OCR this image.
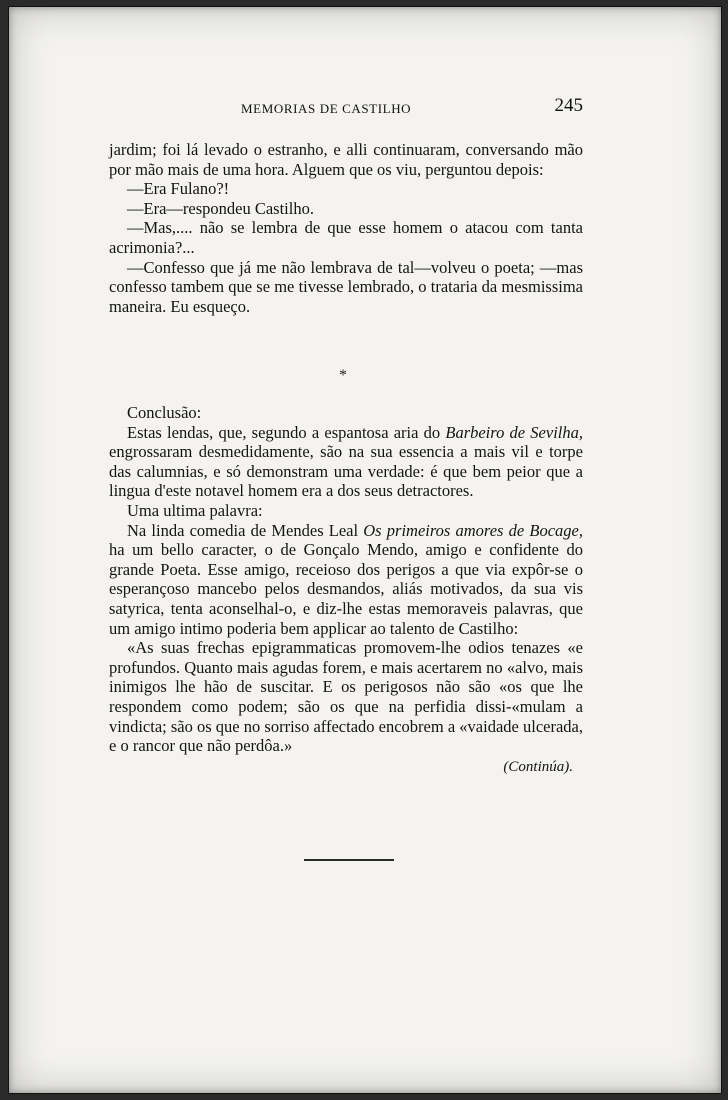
MEMORIAS DE CASTILHO	245

jardim; foi lá levado o estranho, e alli continuaram, conversando mão por mão mais de uma hora. Alguem que os viu, perguntou depois:

—Era Fulano?!

—Era—respondeu Castilho.

—Mas,.... não se lembra de que esse homem o atacou com tanta acrimonia?...

—Confesso que já me não lembrava de tal—volveu o poeta; —mas confesso tambem que se me tivesse lembrado, o trataria da mesmissima maneira. Eu esqueço.

*

Conclusão:

Estas lendas, que, segundo a espantosa aria do Barbeiro de Sevilha, engrossaram desmedidamente, são na sua essencia a mais vil e torpe das calumnias, e só demonstram uma verdade: é que bem peior que a lingua d'este notavel homem era a dos seus detractores.

Uma ultima palavra:

Na linda comedia de Mendes Leal Os primeiros amores de Bocage, ha um bello caracter, o de Gonçalo Mendo, amigo e confidente do grande Poeta. Esse amigo, receioso dos perigos a que via expôr-se o esperançoso mancebo pelos desmandos, aliás motivados, da sua vis satyrica, tenta aconselhal-o, e diz-lhe estas memoraveis palavras, que um amigo intimo poderia bem applicar ao talento de Castilho:

«As suas frechas epigrammaticas promovem-lhe odios tenazes «e profundos. Quanto mais agudas forem, e mais acertarem no «alvo, mais inimigos lhe hão de suscitar. E os perigosos não são «os que lhe respondem como podem; são os que na perfidia dissi-«mulam a vindicta; são os que no sorriso affectado encobrem a «vaidade ulcerada, e o rancor que não perdôa.»

(Continúa).
